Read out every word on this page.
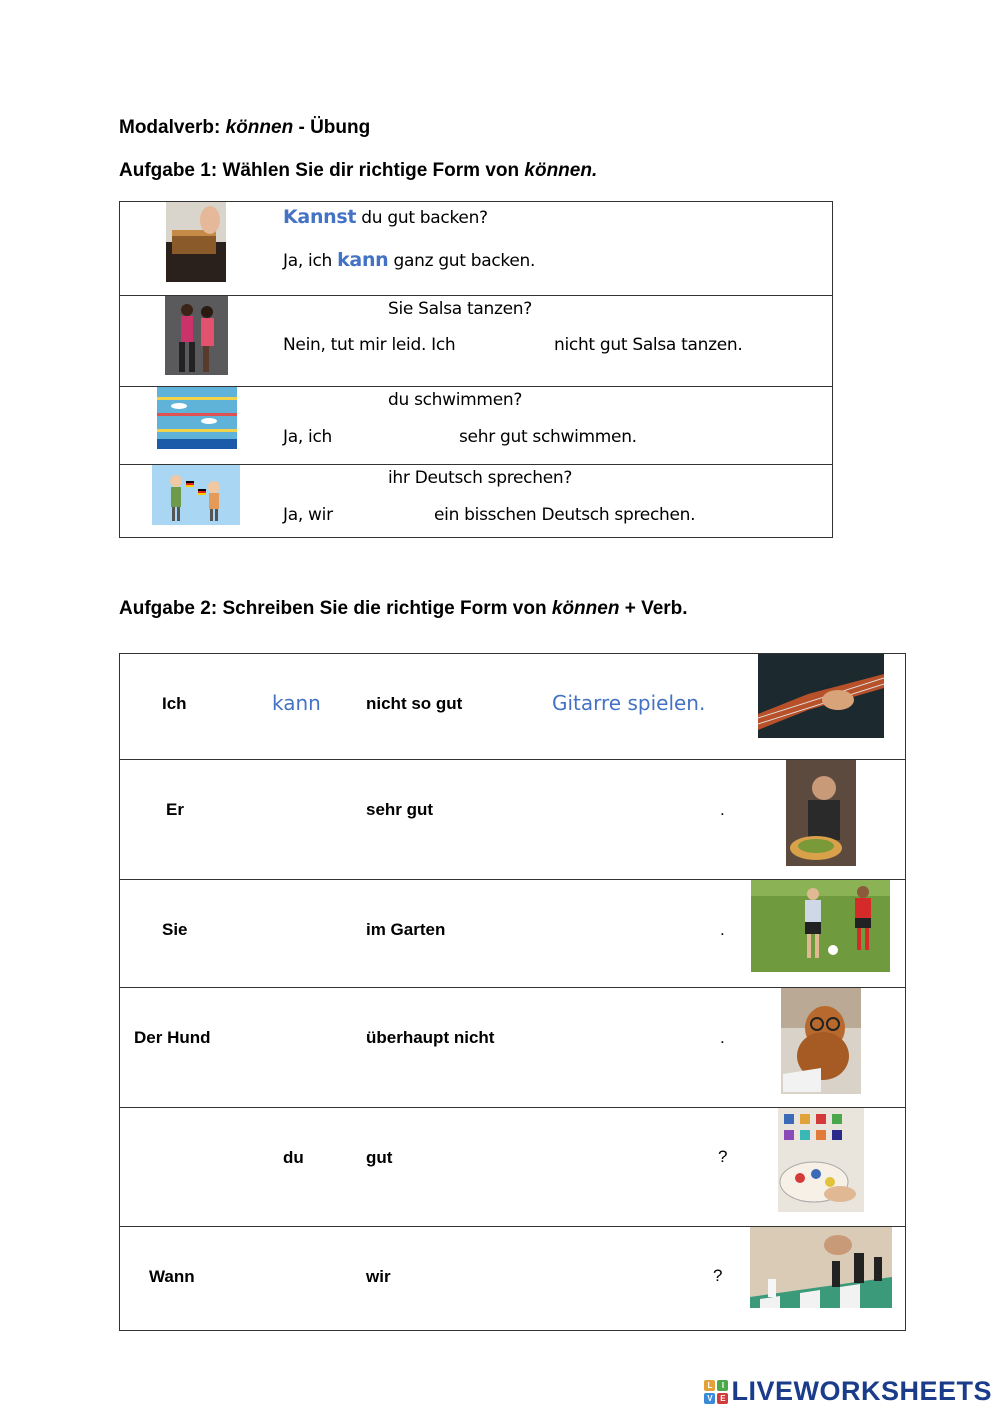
Modalverb: können - Übung
Aufgabe 1: Wählen Sie dir richtige Form von können.
Kannst du gut backen?
Ja, ich kann ganz gut backen.
Sie Salsa tanzen?
Nein, tut mir leid. Ich	nicht gut Salsa tanzen.
du schwimmen?
Ja, ich	sehr gut schwimmen.
ihr Deutsch sprechen?
Ja, wir	ein bisschen Deutsch sprechen.
Aufgabe 2: Schreiben Sie die richtige Form von können + Verb.
Ich	kann	nicht so gut	Gitarre spielen.
Er	sehr gut	.
Sie	im Garten	.
Der Hund	überhaupt nicht	.
du	gut	?
Wann	wir	?
L	I
V E LIVEWORKSHEETS
